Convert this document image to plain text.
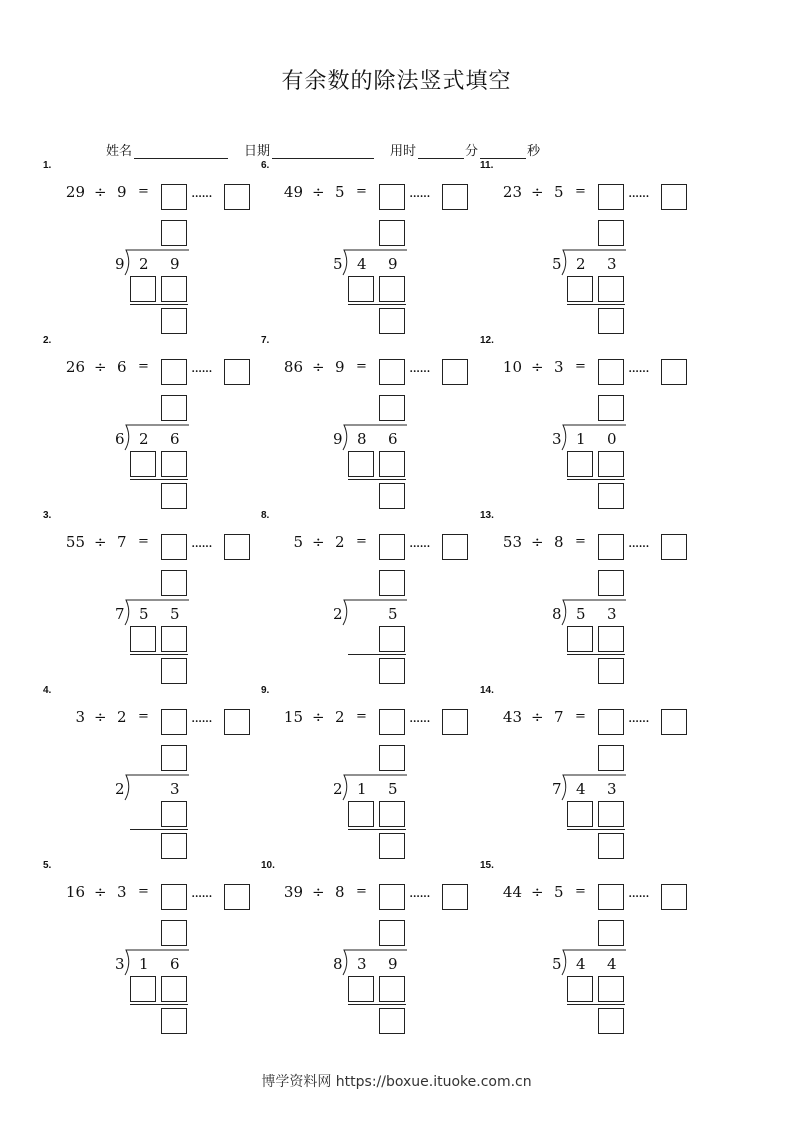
有余数的除法竖式填空
姓名	日期	用时	分	秒
1.
29 ÷ 9 =	······
9 2 9
2.
26 ÷ 6 =	······
6 2 6
3.
55 ÷ 7 =	······
7 5 5
4.
3 ÷ 2 =	······
2	3
5.
16 ÷ 3 =	······
3 1 6
6.
49 ÷ 5 =	······
5 4 9
7.
86 ÷ 9 =	······
9 8 6
8.
5 ÷ 2 =	······
2	5
9.
15 ÷ 2 =	······
2 1 5
10.
39 ÷ 8 =	······
8 3 9
11.
23 ÷ 5 =	······
5 2 3
12.
10 ÷ 3 =	······
3 1 0
13.
53 ÷ 8 =	······
8 5 3
14.
43 ÷ 7 =	······
7 4 3
15.
44 ÷ 5 =	······
5 4 4
博学资料网 https://boxue.ituoke.com.cn
